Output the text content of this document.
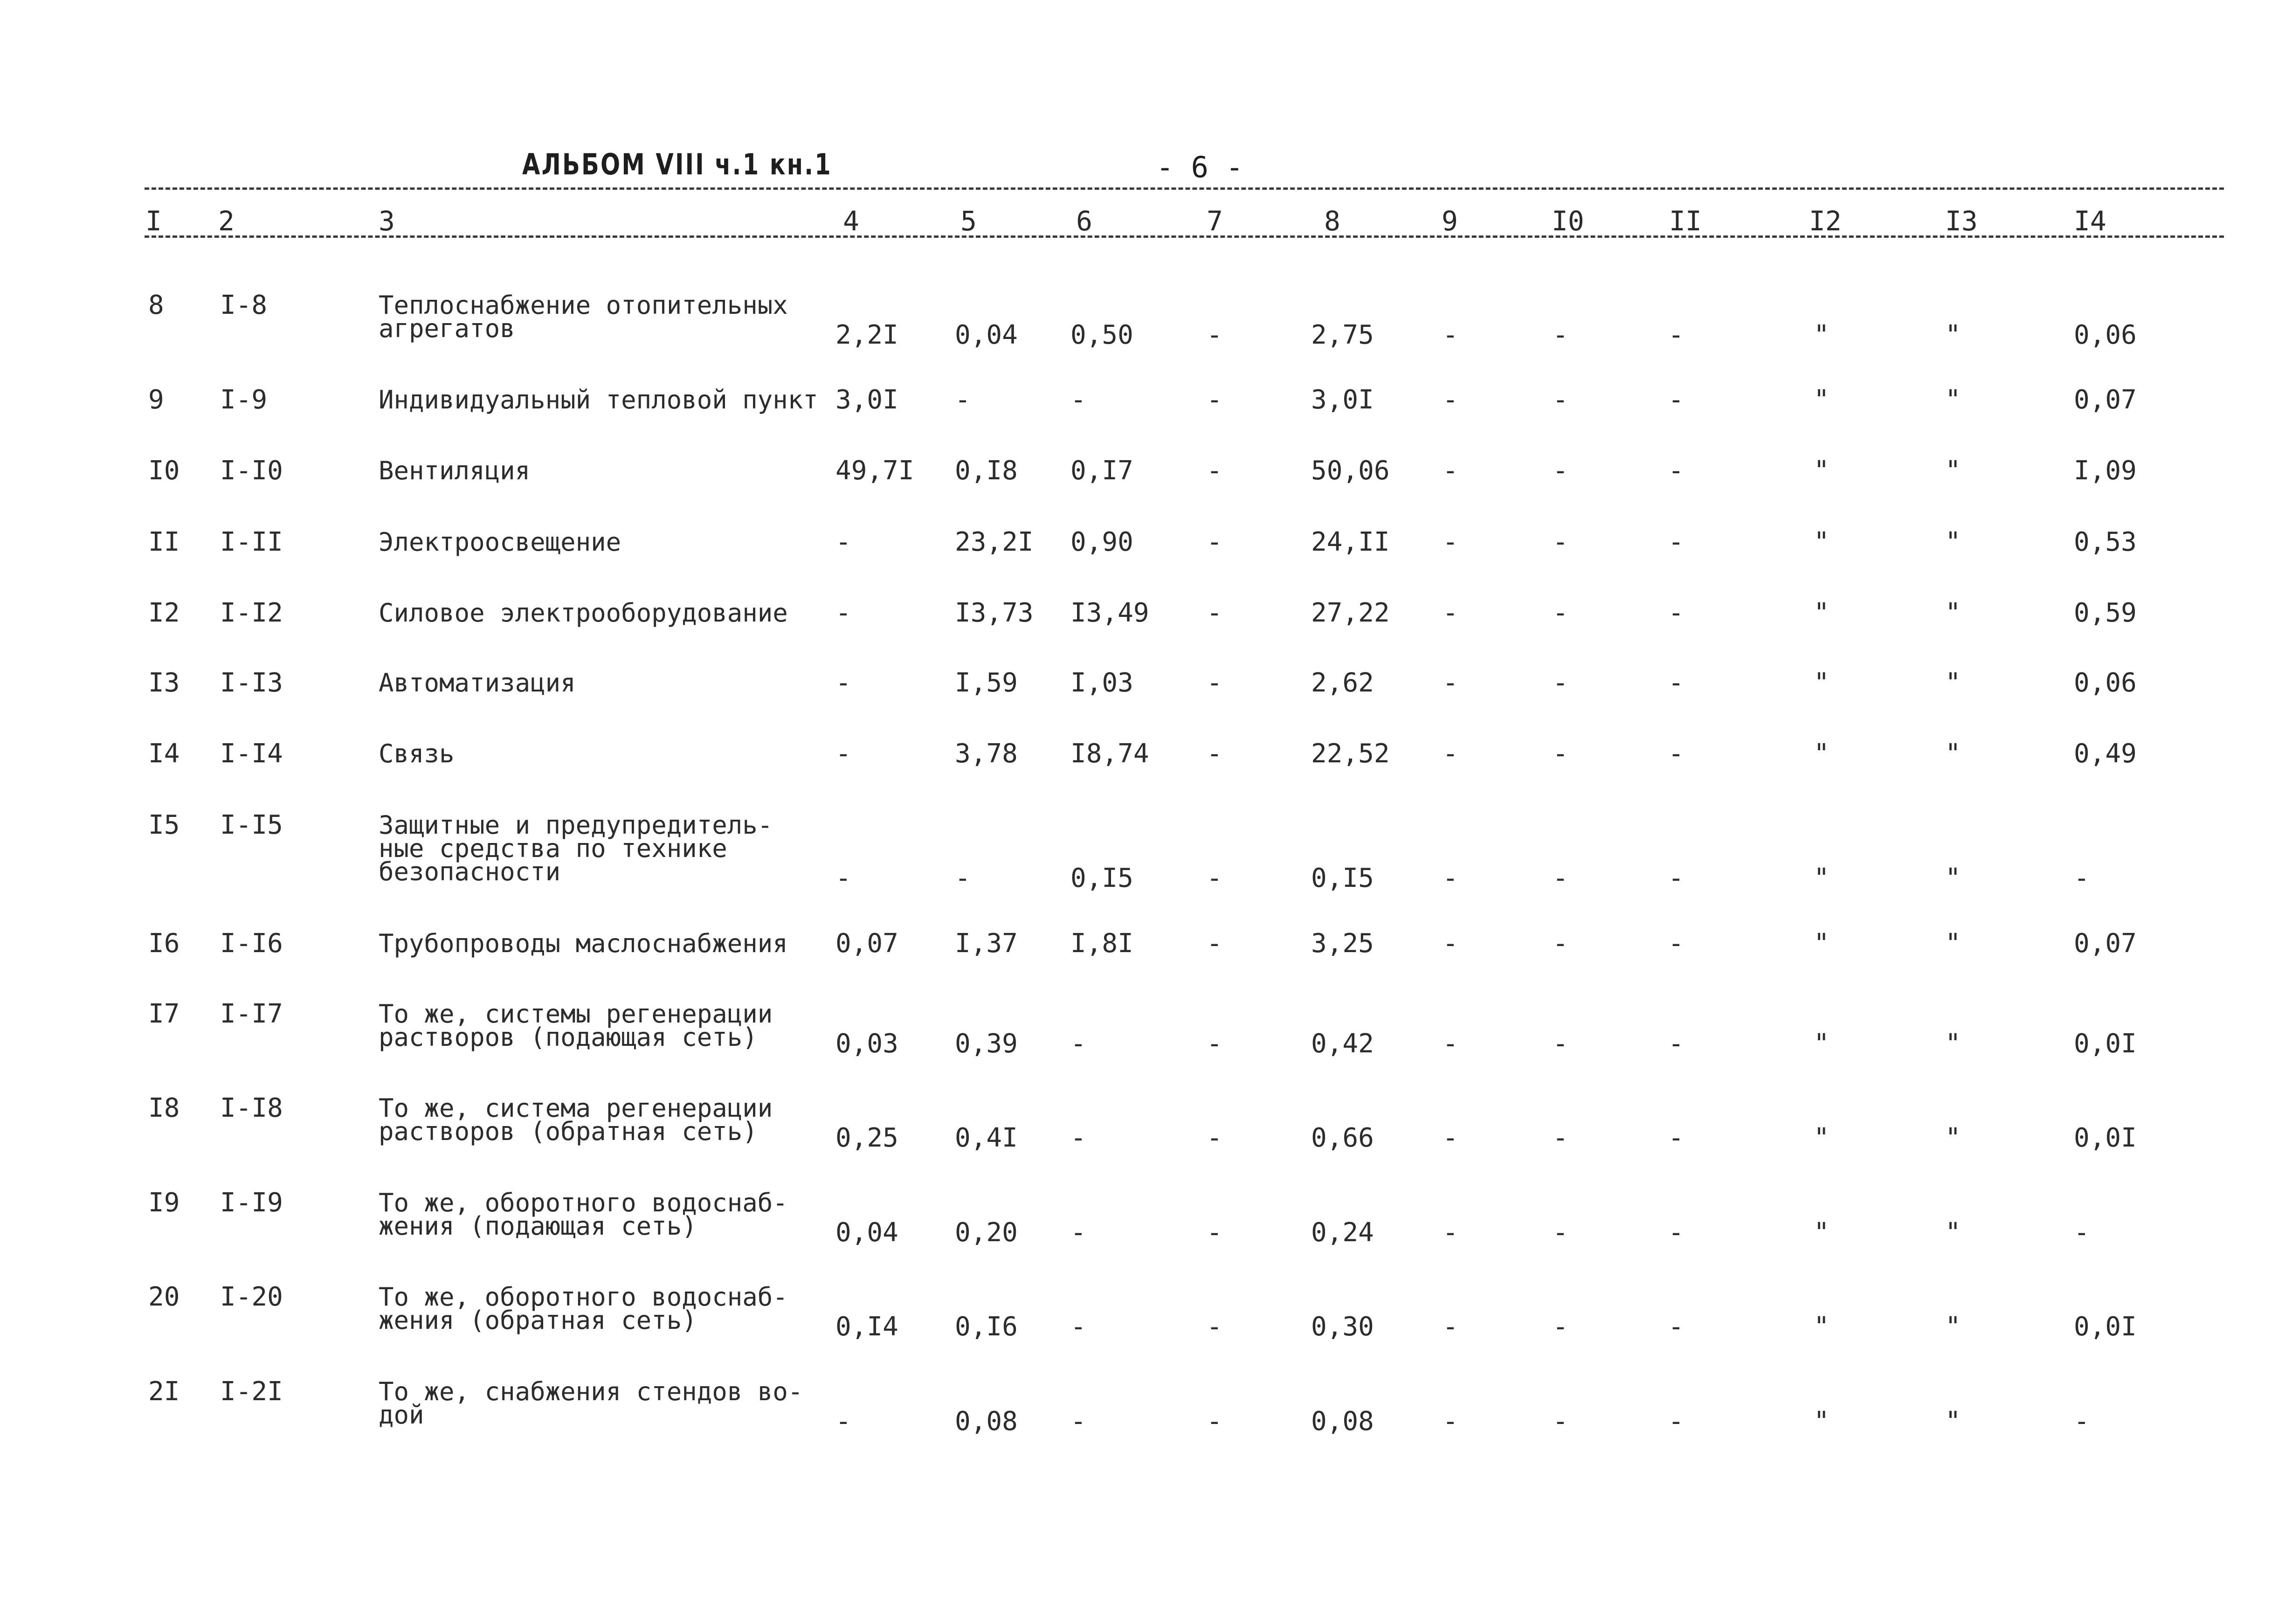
АЛЬБОМ VIII ч.1 кн.1	- 6 -
I 2	3	4	5	6	7	8	9	I0	II	I2	I3	I4
8 I-8	Теплоснабжение отопительных
агрегатов	2,2I 0,04 0,50	-	2,75	-	-	-	"	"	0,06
9 I-9	Индивидуальный тепловой пункт 3,0I -	-	-	3,0I	-	-	-	"	"	0,07
I0 I-I0	Вентиляция	49,7I 0,I8 0,I7	-	50,06 -	-	-	"	"	I,09
II I-II	Электроосвещение	-	23,2I 0,90	-	24,II -	-	-	"	"	0,53
I2 I-I2	Силовое электрооборудование -	I3,73 I3,49 -	27,22 -	-	-	"	"	0,59
I3 I-I3	Автоматизация	-	I,59 I,03	-	2,62	-	-	-	"	"	0,06
I4 I-I4	Связь	-	3,78 I8,74 -	22,52 -	-	-	"	"	0,49
I5 I-I5	Защитные и предупредитель-
ные средства по технике
безопасности	-	-	0,I5	-	0,I5	-	-	-	"	"	-
I6 I-I6	Трубопроводы маслоснабжения 0,07 I,37 I,8I	-	3,25	-	-	-	"	"	0,07
I7 I-I7	То же, системы регенерации
растворов (подающая сеть)	0,03 0,39 -	-	0,42	-	-	-	"	"	0,0I
I8 I-I8	То же, система регенерации
растворов (обратная сеть)	0,25 0,4I -	-	0,66	-	-	-	"	"	0,0I
I9 I-I9	То же, оборотного водоснаб-
жения (подающая сеть)	0,04 0,20 -	-	0,24	-	-	-	"	"	-
20 I-20	То же, оборотного водоснаб-
жения (обратная сеть)	0,I4 0,I6 -	-	0,30	-	-	-	"	"	0,0I
2I I-2I	То же, снабжения стендов во-
дой	-	0,08 -	-	0,08	-	-	-	"	"	-
